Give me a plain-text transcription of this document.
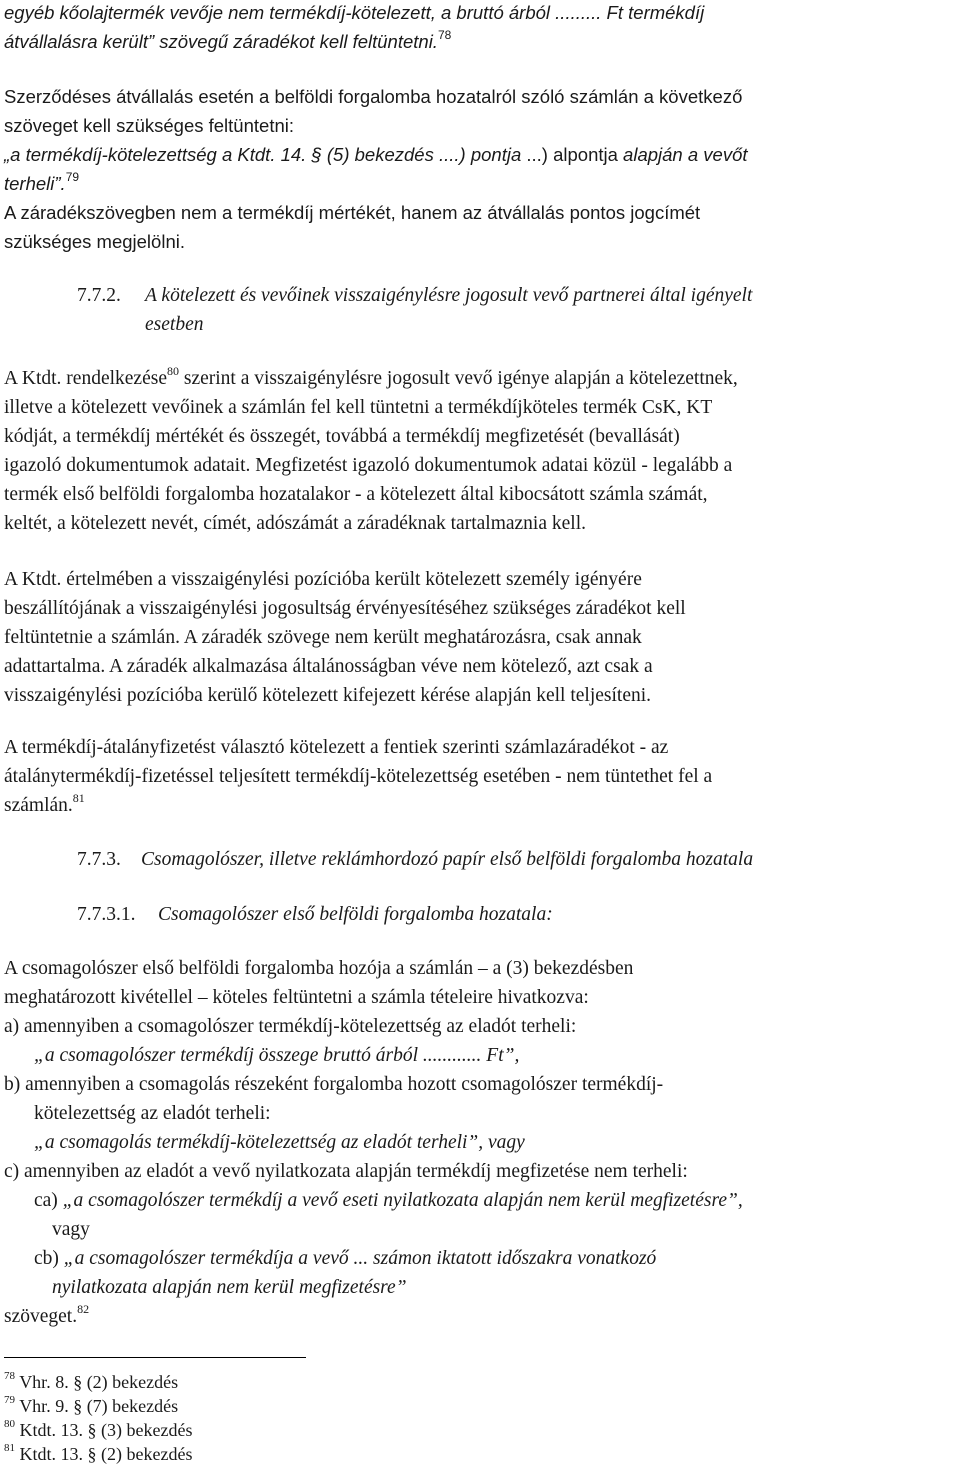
egyéb kőolajtermék vevője nem termékdíj-kötelezett, a bruttó árból ......... Ft termékdíj
átvállalásra került” szövegű záradékot kell feltüntetni.$^{78}$

Szerződéses átvállalás esetén a belföldi forgalomba hozatalról szóló számlán a következő
szöveget kell szükséges feltüntetni:
„a termékdíj-kötelezettség a Ktdt. 14. § (5) bekezdés ....) pontja ...) alpontja alapján a vevőt
terheli”.$^{79}$
A záradékszövegben nem a termékdíj mértékét, hanem az átvállalás pontos jogcímét
szükséges megjelölni.

7.7.2. A kötelezett és vevőinek visszaigénylésre jogosult vevő partnerei által igényelt
esetben

A Ktdt. rendelkezése$^{80}$ szerint a visszaigénylésre jogosult vevő igénye alapján a kötelezettnek,
illetve a kötelezett vevőinek a számlán fel kell tüntetni a termékdíjköteles termék CsK, KT
kódját, a termékdíj mértékét és összegét, továbbá a termékdíj megfizetését (bevallását)
igazoló dokumentumok adatait. Megfizetést igazoló dokumentumok adatai közül - legalább a
termék első belföldi forgalomba hozatalakor - a kötelezett által kibocsátott számla számát,
keltét, a kötelezett nevét, címét, adószámát a záradéknak tartalmaznia kell.

A Ktdt. értelmében a visszaigénylési pozícióba került kötelezett személy igényére
beszállítójának a visszaigénylési jogosultság érvényesítéséhez szükséges záradékot kell
feltüntetnie a számlán. A záradék szövege nem került meghatározásra, csak annak
adattartalma. A záradék alkalmazása általánosságban véve nem kötelező, azt csak a
visszaigénylési pozícióba kerülő kötelezett kifejezett kérése alapján kell teljesíteni.

A termékdíj-átalányfizetést választó kötelezett a fentiek szerinti számlazáradékot - az
átalánytermékdíj-fizetéssel teljesített termékdíj-kötelezettség esetében - nem tüntethet fel a
számlán.$^{81}$

7.7.3. Csomagolószer, illetve reklámhordozó papír első belföldi forgalomba hozatala
7.7.3.1. Csomagolószer első belföldi forgalomba hozatala:
A csomagolószer első belföldi forgalomba hozója a számlán – a (3) bekezdésben
meghatározott kivétellel – köteles feltüntetni a számla tételeire hivatkozva:
a) amennyiben a csomagolószer termékdíj-kötelezettség az eladót terheli:
„a csomagolószer termékdíj összege bruttó árból ............ Ft”,
b) amennyiben a csomagolás részeként forgalomba hozott csomagolószer termékdíj-
kötelezettség az eladót terheli:
„a csomagolás termékdíj-kötelezettség az eladót terheli”, vagy
c) amennyiben az eladót a vevő nyilatkozata alapján termékdíj megfizetése nem terheli:
ca) „a csomagolószer termékdíj a vevő eseti nyilatkozata alapján nem kerül megfizetésre”,
vagy
cb) „a csomagolószer termékdíja a vevő ... számon iktatott időszakra vonatkozó
nyilatkozata alapján nem kerül megfizetésre”
szöveget.$^{82}$
$^{78}$ Vhr. 8. § (2) bekezdés
$^{79}$ Vhr. 9. § (7) bekezdés
$^{80}$ Ktdt. 13. § (3) bekezdés
$^{81}$ Ktdt. 13. § (2) bekezdés
